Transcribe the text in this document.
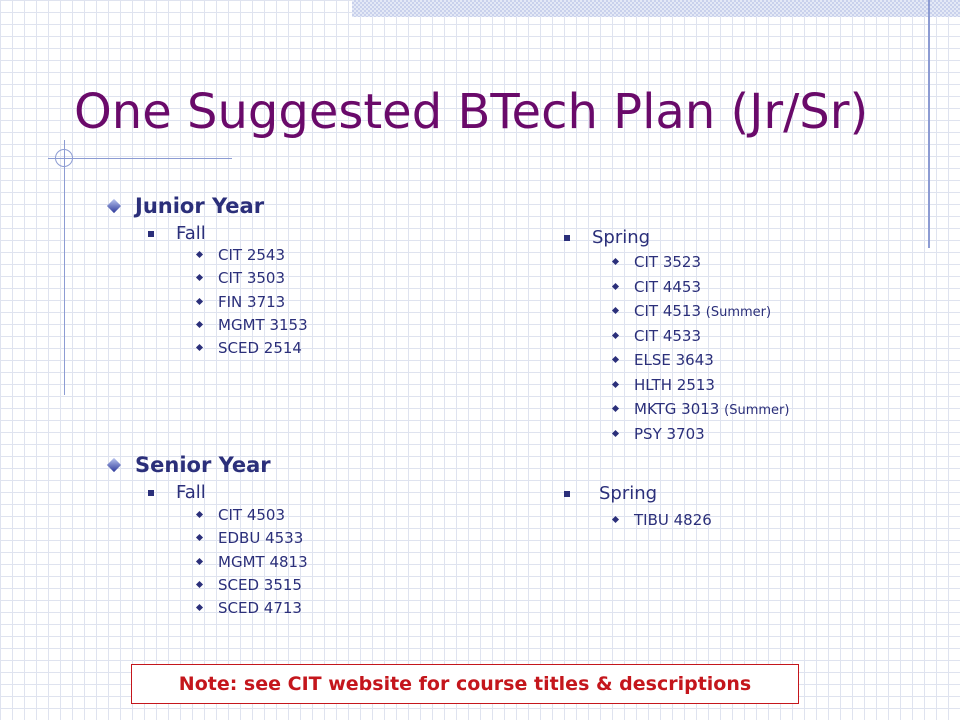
One Suggested BTech Plan (Jr/Sr)
Junior Year
Fall
CIT 2543
CIT 3503
FIN 3713
MGMT 3153
SCED 2514
Spring
CIT 3523
CIT 4453
CIT 4513 (Summer)
CIT 4533
ELSE 3643
HLTH 2513
MKTG 3013 (Summer)
PSY 3703
Senior Year
Fall
CIT 4503
EDBU 4533
MGMT 4813
SCED 3515
SCED 4713
Spring
TIBU 4826
Note: see CIT website for course titles & descriptions
